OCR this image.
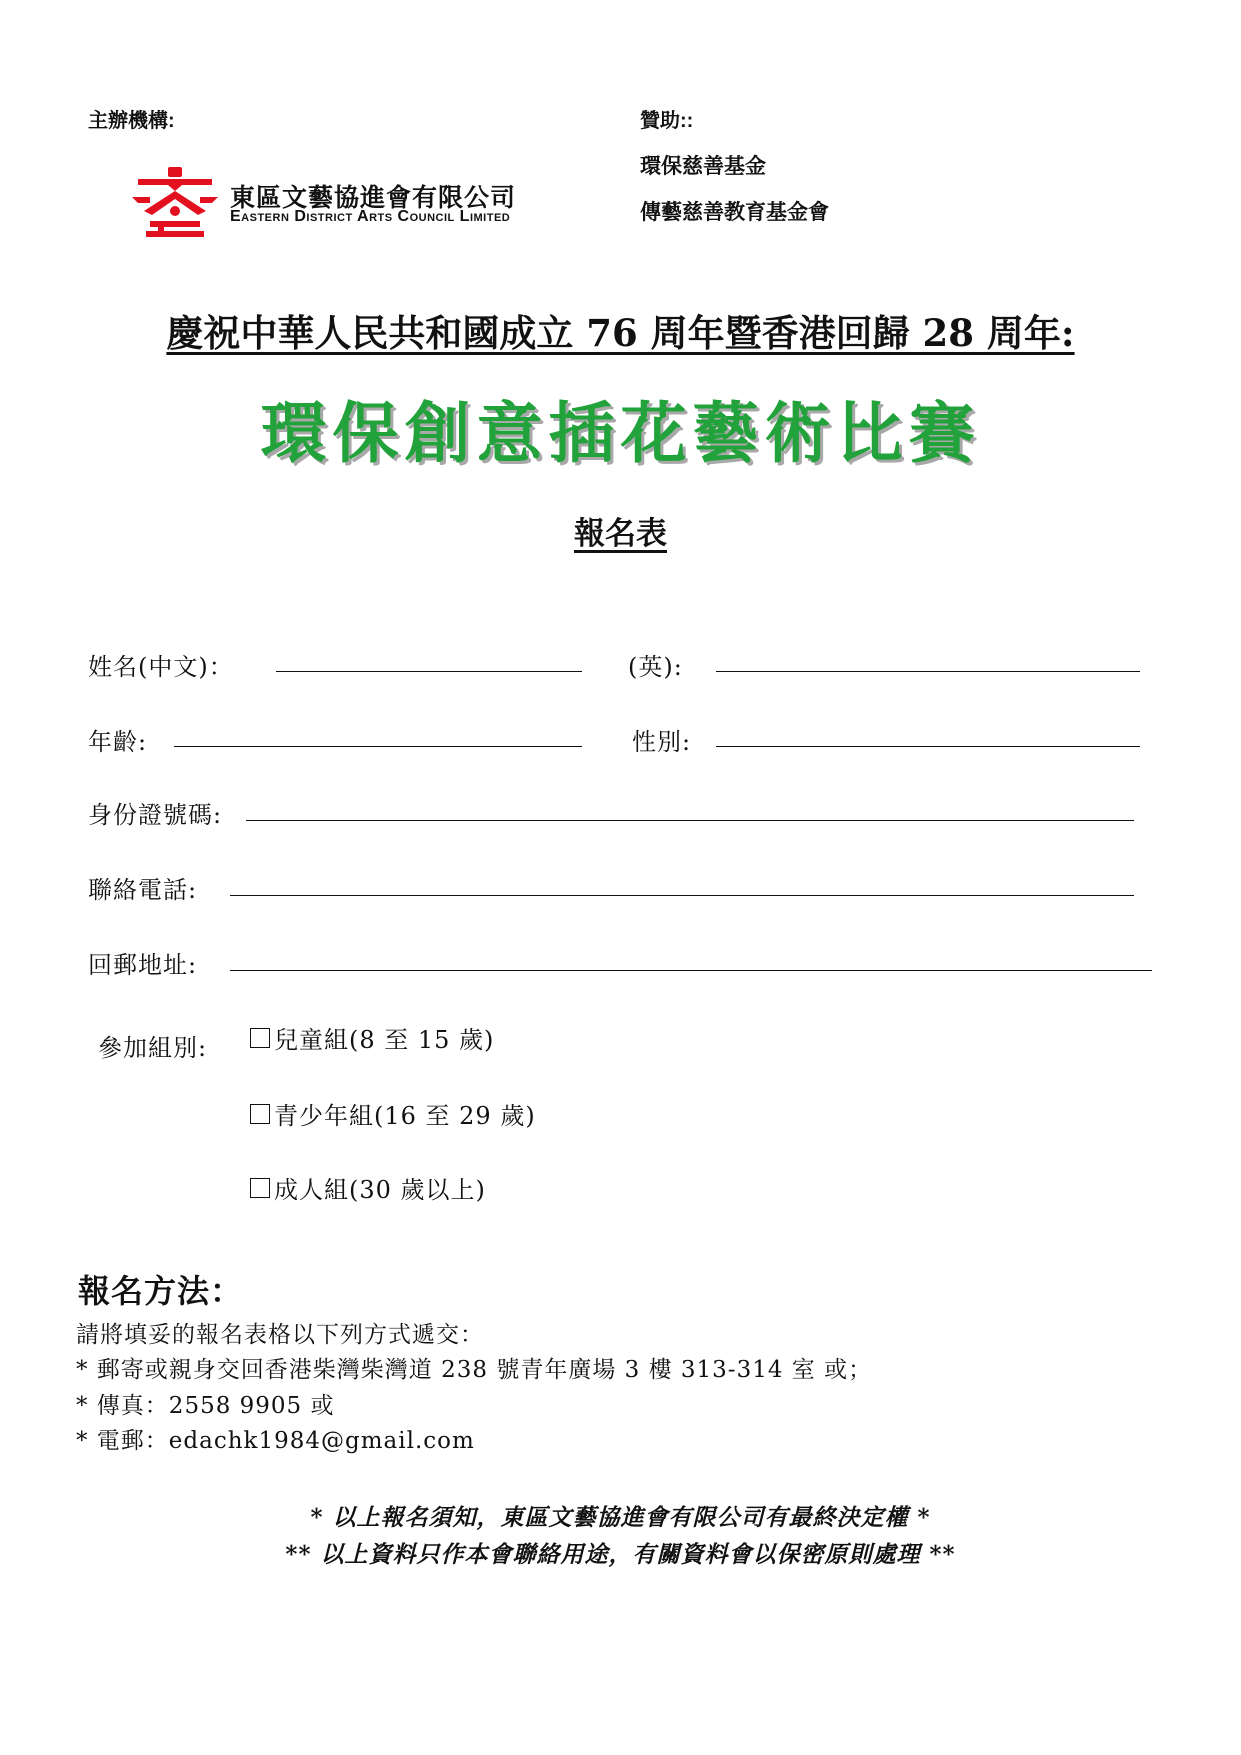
主辦機構:	贊助::
環保慈善基金
傳藝慈善教育基金會
東區文藝協進會有限公司
Eastern District Arts Council Limited
慶祝中華人民共和國成立 76 周年暨香港回歸 28 周年:
環保創意插花藝術比賽
報名表
姓名(中文)：	(英):
年齡:	性別:
身份證號碼:
聯絡電話:
回郵地址:
參加組別:	兒童組(8 至 15 歲)
青少年組(16 至 29 歲)
成人組(30 歲以上)
報名方法：
請將填妥的報名表格以下列方式遞交：
* 郵寄或親身交回香港柴灣柴灣道 238 號青年廣場 3 樓 313-314 室 或；
* 傳真：2558 9905 或
* 電郵：edachk1984@gmail.com
* 以上報名須知，東區文藝協進會有限公司有最終決定權 *
** 以上資料只作本會聯絡用途，有關資料會以保密原則處理 **
